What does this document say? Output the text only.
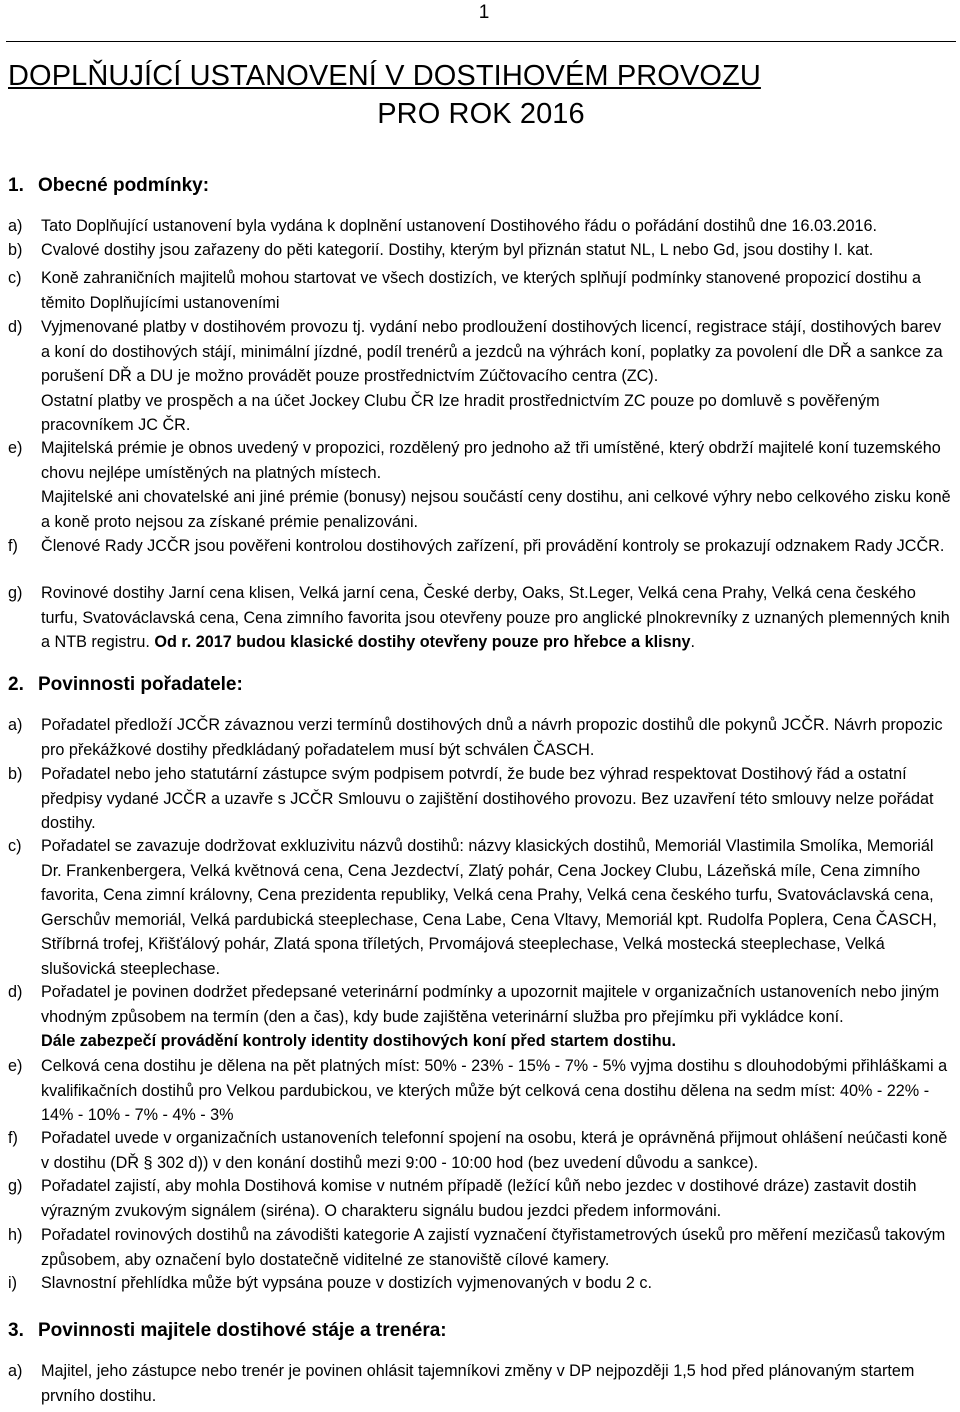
1
DOPLŇUJÍCÍ USTANOVENÍ V DOSTIHOVÉM PROVOZU
PRO ROK 2016
1. Obecné podmínky:
a) Tato Doplňující ustanovení byla vydána k doplnění ustanovení Dostihového řádu o pořádání dostihů dne 16.03.2016.
b) Cvalové dostihy jsou zařazeny do pěti kategorií. Dostihy, kterým byl přiznán statut NL, L nebo Gd, jsou dostihy I. kat.
c) Koně zahraničních majitelů mohou startovat ve všech dostizích, ve kterých splňují podmínky stanovené propozicí dostihu a těmito Doplňujícími ustanoveními
d) Vyjmenované platby v dostihovém provozu tj. vydání nebo prodloužení dostihových licencí, registrace stájí, dostihových barev a koní do dostihových stájí, minimální jízdné, podíl trenérů a jezdců na výhrách koní, poplatky za povolení dle DŘ a sankce za porušení DŘ a DU je možno provádět pouze prostřednictvím Zúčtovacího centra (ZC).
Ostatní platby ve prospěch a na účet Jockey Clubu ČR lze hradit prostřednictvím ZC pouze po domluvě s pověřeným pracovníkem JC ČR.
e) Majitelská prémie je obnos uvedený v propozici, rozdělený pro jednoho až tři umístěné, který obdrží majitelé koní tuzemského chovu nejlépe umístěných na platných místech.
Majitelské ani chovatelské ani jiné prémie (bonusy) nejsou součástí ceny dostihu, ani celkové výhry nebo celkového zisku koně a koně proto nejsou za získané prémie penalizováni.
f) Členové Rady JCČR jsou pověřeni kontrolou dostihových zařízení, při provádění kontroly se prokazují odznakem Rady JCČR.
g) Rovinové dostihy Jarní cena klisen, Velká jarní cena, České derby, Oaks, St.Leger, Velká cena Prahy, Velká cena českého turfu, Svatováclavská cena, Cena zimního favorita jsou otevřeny pouze pro anglické plnokrevníky z uznaných plemenných knih a NTB registru. Od r. 2017 budou klasické dostihy otevřeny pouze pro hřebce a klisny.
2. Povinnosti pořadatele:
a) Pořadatel předloží JCČR závaznou verzi termínů dostihových dnů a návrh propozic dostihů dle pokynů JCČR. Návrh propozic pro překážkové dostihy předkládaný pořadatelem musí být schválen ČASCH.
b) Pořadatel nebo jeho statutární zástupce svým podpisem potvrdí, že bude bez výhrad respektovat Dostihový řád a ostatní předpisy vydané JCČR a uzavře s JCČR Smlouvu o zajištění dostihového provozu. Bez uzavření této smlouvy nelze pořádat dostihy.
c) Pořadatel se zavazuje dodržovat exkluzivitu názvů dostihů: názvy klasických dostihů, Memoriál Vlastimila Smolíka, Memoriál Dr. Frankenbergera, Velká květnová cena, Cena Jezdectví, Zlatý pohár, Cena Jockey Clubu, Lázeňská míle, Cena zimního favorita, Cena zimní královny, Cena prezidenta republiky, Velká cena Prahy, Velká cena českého turfu, Svatováclavská cena, Gerschův memoriál, Velká pardubická steeplechase, Cena Labe, Cena Vltavy, Memoriál kpt. Rudolfa Poplera, Cena ČASCH, Stříbrná trofej, Křišťálový pohár, Zlatá spona tříletých, Prvomájová steeplechase, Velká mostecká steeplechase, Velká slušovická steeplechase.
d) Pořadatel je povinen dodržet předepsané veterinární podmínky a upozornit majitele v organizačních ustanoveních nebo jiným vhodným způsobem na termín (den a čas), kdy bude zajištěna veterinární služba pro přejímku při vykládce koní.
Dále zabezpečí provádění kontroly identity dostihových koní před startem dostihu.
e) Celková cena dostihu je dělena na pět platných míst: 50% - 23% - 15% - 7% - 5% vyjma dostihu s dlouhodobými přihláškami a kvalifikačních dostihů pro Velkou pardubickou, ve kterých může být celková cena dostihu dělena na sedm míst: 40% - 22% - 14% - 10% - 7% - 4% - 3%
f) Pořadatel uvede v organizačních ustanoveních telefonní spojení na osobu, která je oprávněná přijmout ohlášení neúčasti koně v dostihu (DŘ § 302 d)) v den konání dostihů mezi 9:00 - 10:00 hod (bez uvedení důvodu a sankce).
g) Pořadatel zajistí, aby mohla Dostihová komise v nutném případě (ležící kůň nebo jezdec v dostihové dráze) zastavit dostih výrazným zvukovým signálem (siréna). O charakteru signálu budou jezdci předem informováni.
h) Pořadatel rovinových dostihů na závodišti kategorie A zajistí vyznačení čtyřistametrových úseků pro měření mezičasů takovým způsobem, aby označení bylo dostatečně viditelné ze stanoviště cílové kamery.
i) Slavnostní přehlídka může být vypsána pouze v dostizích vyjmenovaných v bodu 2 c.
3. Povinnosti majitele dostihové stáje a trenéra:
a) Majitel, jeho zástupce nebo trenér je povinen ohlásit tajemníkovi změny v DP nejpozději 1,5 hod před plánovaným startem prvního dostihu.
